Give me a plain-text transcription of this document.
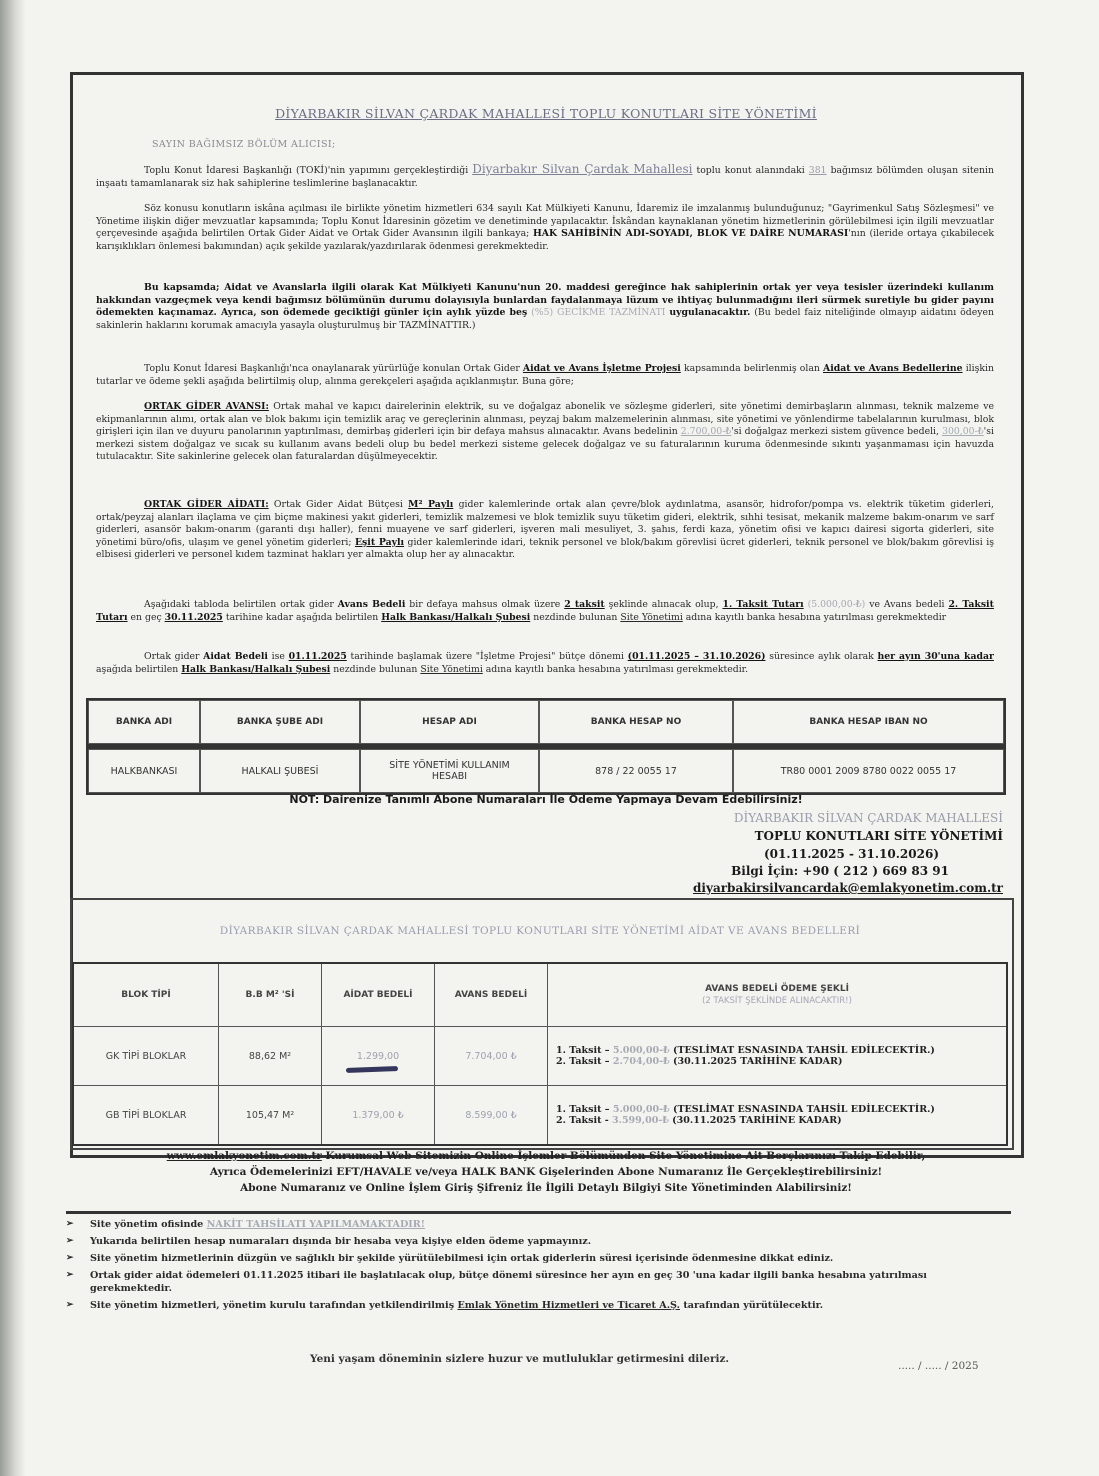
DİYARBAKIR SİLVAN ÇARDAK MAHALLESİ TOPLU KONUTLARI SİTE YÖNETİMİ
SAYIN BAĞIMSIZ BÖLÜM ALICISI;
Toplu Konut İdaresi Başkanlığı (TOKİ)'nin yapımını gerçekleştirdiği Diyarbakır Silvan Çardak Mahallesi toplu konut alanındaki 381 bağımsız bölümden oluşan sitenin inşaatı tamamlanarak siz hak sahiplerine teslimlerine başlanacaktır.
Söz konusu konutların iskâna açılması ile birlikte yönetim hizmetleri 634 sayılı Kat Mülkiyeti Kanunu, İdaremiz ile imzalanmış bulunduğunuz; "Gayrimenkul Satış Sözleşmesi" ve Yönetime ilişkin diğer mevzuatlar kapsamında; Toplu Konut İdaresinin gözetim ve denetiminde yapılacaktır. İskândan kaynaklanan yönetim hizmetlerinin görülebilmesi için ilgili mevzuatlar çerçevesinde aşağıda belirtilen Ortak Gider Aidat ve Ortak Gider Avansının ilgili bankaya; HAK SAHİBİNİN ADI-SOYADI, BLOK VE DAİRE NUMARASI'nın (ileride ortaya çıkabilecek karışıklıkları önlemesi bakımından) açık şekilde yazılarak/yazdırılarak ödenmesi gerekmektedir.
Bu kapsamda; Aidat ve Avanslarla ilgili olarak Kat Mülkiyeti Kanunu'nun 20. maddesi gereğince hak sahiplerinin ortak yer veya tesisler üzerindeki kullanım hakkından vazgeçmek veya kendi bağımsız bölümünün durumu dolayısıyla bunlardan faydalanmaya lüzum ve ihtiyaç bulunmadığını ileri sürmek suretiyle bu gider payını ödemekten kaçınamaz. Ayrıca, son ödemede geciktiği günler için aylık yüzde beş (%5) GECİKME TAZMİNATI uygulanacaktır. (Bu bedel faiz niteliğinde olmayıp aidatını ödeyen sakinlerin haklarını korumak amacıyla yasayla oluşturulmuş bir TAZMİNATTIR.)
Toplu Konut İdaresi Başkanlığı'nca onaylanarak yürürlüğe konulan Ortak Gider Aidat ve Avans İşletme Projesi kapsamında belirlenmiş olan Aidat ve Avans Bedellerine ilişkin tutarlar ve ödeme şekli aşağıda belirtilmiş olup, alınma gerekçeleri aşağıda açıklanmıştır. Buna göre;
ORTAK GİDER AVANSI: Ortak mahal ve kapıcı dairelerinin elektrik, su ve doğalgaz abonelik ve sözleşme giderleri, site yönetimi demirbaşların alınması, teknik malzeme ve ekipmanlarının alımı, ortak alan ve blok bakımı için temizlik araç ve gereçlerinin alınması, peyzaj bakım malzemelerinin alınması, site yönetimi ve yönlendirme tabelalarının kurulması, blok girişleri için ilan ve duyuru panolarının yaptırılması, demirbaş giderleri için bir defaya mahsus alınacaktır. Avans bedelinin 2.700,00-₺'si doğalgaz merkezi sistem güvence bedeli, 300,00-₺'si merkezi sistem doğalgaz ve sıcak su kullanım avans bedeli olup bu bedel merkezi sisteme gelecek doğalgaz ve su faturalarının kuruma ödenmesinde sıkıntı yaşanmaması için havuzda tutulacaktır. Site sakinlerine gelecek olan faturalardan düşülmeyecektir.
ORTAK GİDER AİDATI: Ortak Gider Aidat Bütçesi M² Paylı gider kalemlerinde ortak alan çevre/blok aydınlatma, asansör, hidrofor/pompa vs. elektrik tüketim giderleri, ortak/peyzaj alanları ilaçlama ve çim biçme makinesi yakıt giderleri, temizlik malzemesi ve blok temizlik suyu tüketim gideri, elektrik, sıhhi tesisat, mekanik malzeme bakım-onarım ve sarf giderleri, asansör bakım-onarım (garanti dışı haller), fenni muayene ve sarf giderleri, işveren mali mesuliyet, 3. şahıs, ferdi kaza, yönetim ofisi ve kapıcı dairesi sigorta giderleri, site yönetimi büro/ofis, ulaşım ve genel yönetim giderleri; Eşit Paylı gider kalemlerinde idari, teknik personel ve blok/bakım görevlisi ücret giderleri, teknik personel ve blok/bakım görevlisi iş elbisesi giderleri ve personel kıdem tazminat hakları yer almakta olup her ay alınacaktır.
Aşağıdaki tabloda belirtilen ortak gider Avans Bedeli bir defaya mahsus olmak üzere 2 taksit şeklinde alınacak olup, 1. Taksit Tutarı (5.000,00-₺) ve Avans bedeli 2. Taksit Tutarı en geç 30.11.2025 tarihine kadar aşağıda belirtilen Halk Bankası/Halkalı Şubesi nezdinde bulunan Site Yönetimi adına kayıtlı banka hesabına yatırılması gerekmektedir
Ortak gider Aidat Bedeli ise 01.11.2025 tarihinde başlamak üzere "İşletme Projesi" bütçe dönemi (01.11.2025 – 31.10.2026) süresince aylık olarak her ayın 30'una kadar aşağıda belirtilen Halk Bankası/Halkalı Şubesi nezdinde bulunan Site Yönetimi adına kayıtlı banka hesabına yatırılması gerekmektedir.
BANKA ADI	BANKA ŞUBE ADI	HESAP ADI	BANKA HESAP NO	BANKA HESAP IBAN NO

HALKBANKASI	HALKALI ŞUBESİ	SİTE YÖNETİMİ KULLANIM HESABI	878 / 22 0055 17	TR80 0001 2009 8780 0022 0055 17
NOT: Dairenize Tanımlı Abone Numaraları İle Ödeme Yapmaya Devam Edebilirsiniz!
DİYARBAKIR SİLVAN ÇARDAK MAHALLESİ
TOPLU KONUTLARI SİTE YÖNETİMİ
(01.11.2025 - 31.10.2026)
Bilgi İçin: +90 ( 212 ) 669 83 91
diyarbakirsilvancardak@emlakyonetim.com.tr
DİYARBAKIR SİLVAN ÇARDAK MAHALLESİ TOPLU KONUTLARI SİTE YÖNETİMİ AİDAT VE AVANS BEDELLERİ
BLOK TİPİ	B.B M² 'Sİ	AİDAT BEDELİ	AVANS BEDELİ	AVANS BEDELİ ÖDEME ŞEKLİ
(2 TAKSİT ŞEKLİNDE ALINACAKTIR!)

GK TİPİ BLOKLAR	88,62 M²	1.299,00	7.704,00 ₺	1. Taksit – 5.000,00-₺ (TESLİMAT ESNASINDA TAHSİL EDİLECEKTİR.)
2. Taksit – 2.704,00-₺ (30.11.2025 TARİHİNE KADAR)
GB TİPİ BLOKLAR	105,47 M²	1.379,00 ₺	8.599,00 ₺	1. Taksit – 5.000,00-₺ (TESLİMAT ESNASINDA TAHSİL EDİLECEKTİR.)
2. Taksit - 3.599,00-₺ (30.11.2025 TARİHİNE KADAR)
www.emlakyonetim.com.tr Kurumsal Web Sitemizin Online İşlemler Bölümünden Site Yönetimine Ait Borçlarınızı Takip Edebilir,
Ayrıca Ödemelerinizi EFT/HAVALE ve/veya HALK BANK Gişelerinden Abone Numaranız İle Gerçekleştirebilirsiniz!
Abone Numaranız ve Online İşlem Giriş Şifreniz İle İlgili Detaylı Bilgiyi Site Yönetiminden Alabilirsiniz!
➢ Site yönetim ofisinde NAKİT TAHSİLATI YAPILMAMAKTADIR!
➢ Yukarıda belirtilen hesap numaraları dışında bir hesaba veya kişiye elden ödeme yapmayınız.
➢ Site yönetim hizmetlerinin düzgün ve sağlıklı bir şekilde yürütülebilmesi için ortak giderlerin süresi içerisinde ödenmesine dikkat ediniz.
➢ Ortak gider aidat ödemeleri 01.11.2025 itibari ile başlatılacak olup, bütçe dönemi süresince her ayın en geç 30 'una kadar ilgili banka hesabına yatırılması gerekmektedir.
➢ Site yönetim hizmetleri, yönetim kurulu tarafından yetkilendirilmiş Emlak Yönetim Hizmetleri ve Ticaret A.Ş. tarafından yürütülecektir.
Yeni yaşam döneminin sizlere huzur ve mutluluklar getirmesini dileriz.
..... / ..... / 2025
